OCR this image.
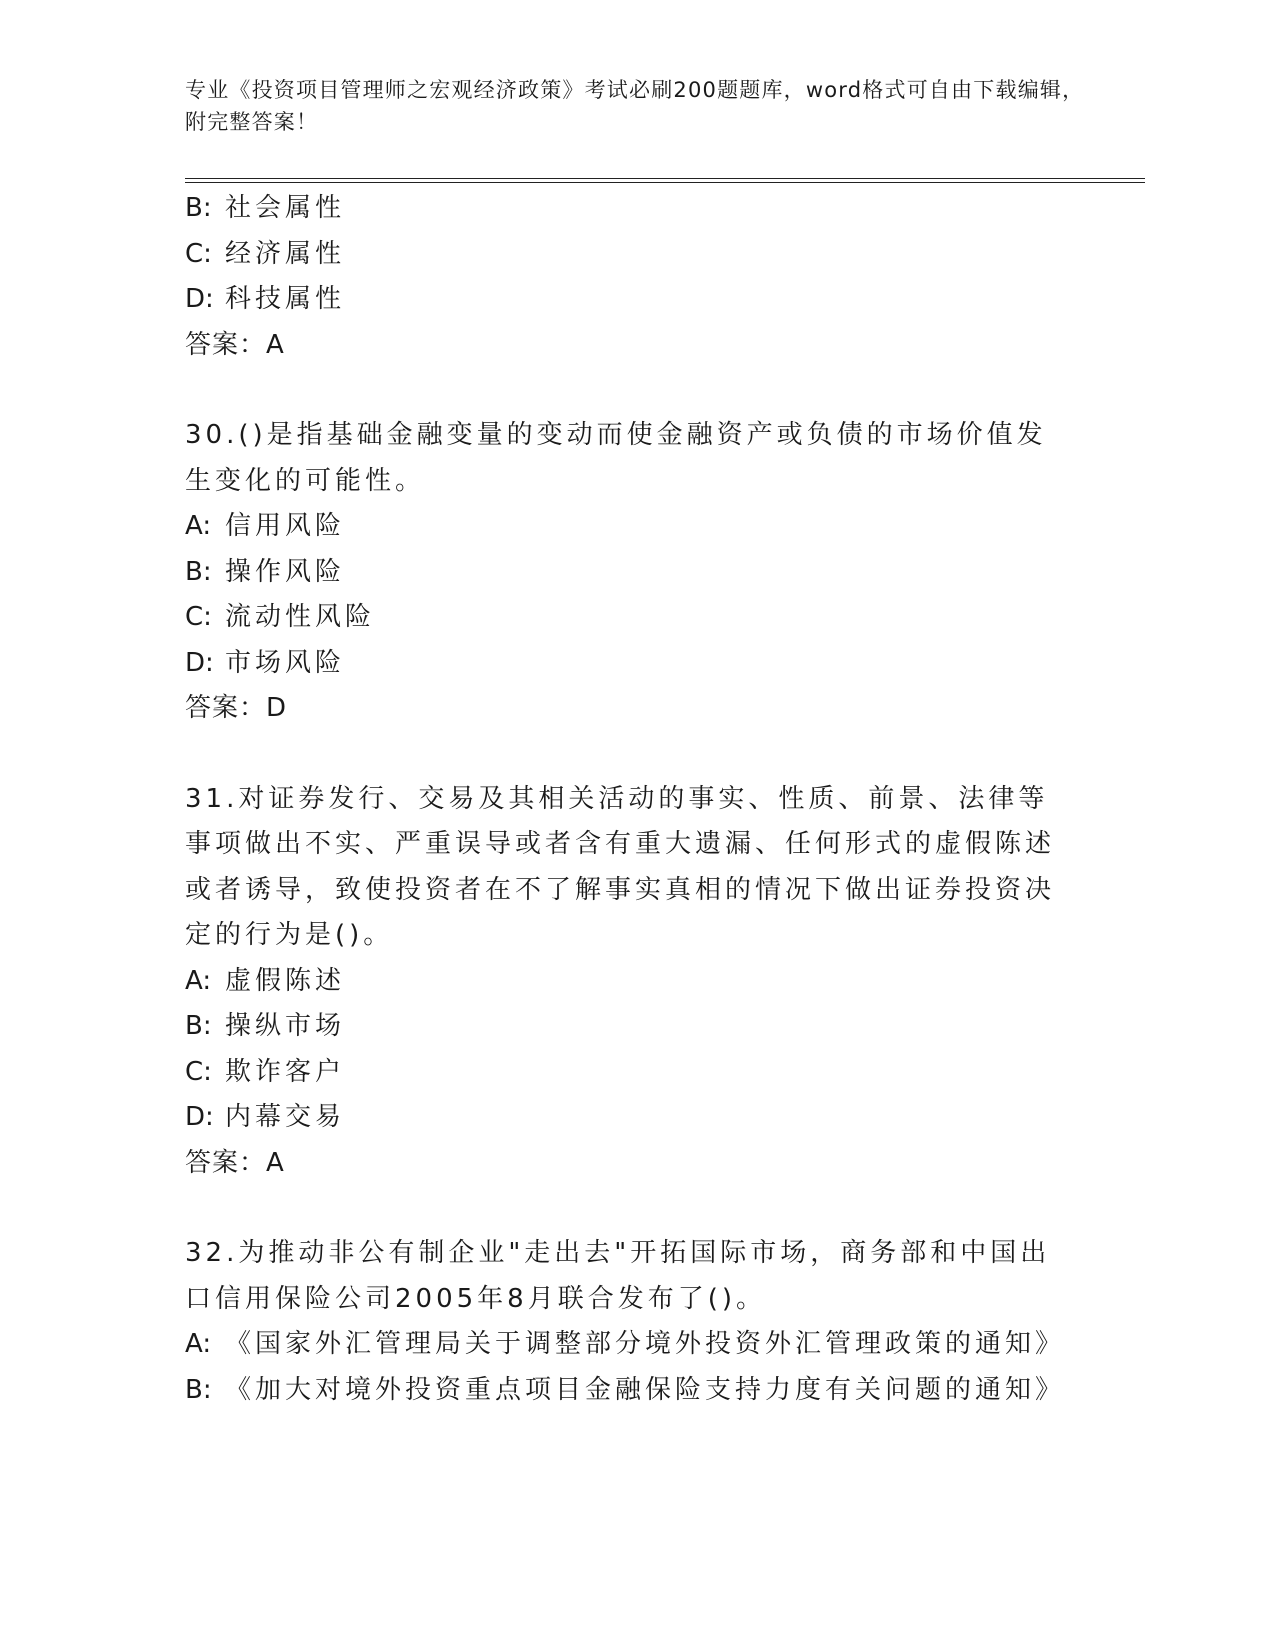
专业《投资项目管理师之宏观经济政策》考试必刷200题题库，word格式可自由下载编辑，附完整答案！
B: 社会属性
C: 经济属性
D: 科技属性
答案：A
30.()是指基础金融变量的变动而使金融资产或负债的市场价值发生变化的可能性。
A: 信用风险
B: 操作风险
C: 流动性风险
D: 市场风险
答案：D
31.对证券发行、交易及其相关活动的事实、性质、前景、法律等事项做出不实、严重误导或者含有重大遗漏、任何形式的虚假陈述或者诱导，致使投资者在不了解事实真相的情况下做出证券投资决定的行为是()。
A: 虚假陈述
B: 操纵市场
C: 欺诈客户
D: 内幕交易
答案：A
32.为推动非公有制企业"走出去"开拓国际市场，商务部和中国出口信用保险公司2005年8月联合发布了()。
A: 《国家外汇管理局关于调整部分境外投资外汇管理政策的通知》
B: 《加大对境外投资重点项目金融保险支持力度有关问题的通知》
